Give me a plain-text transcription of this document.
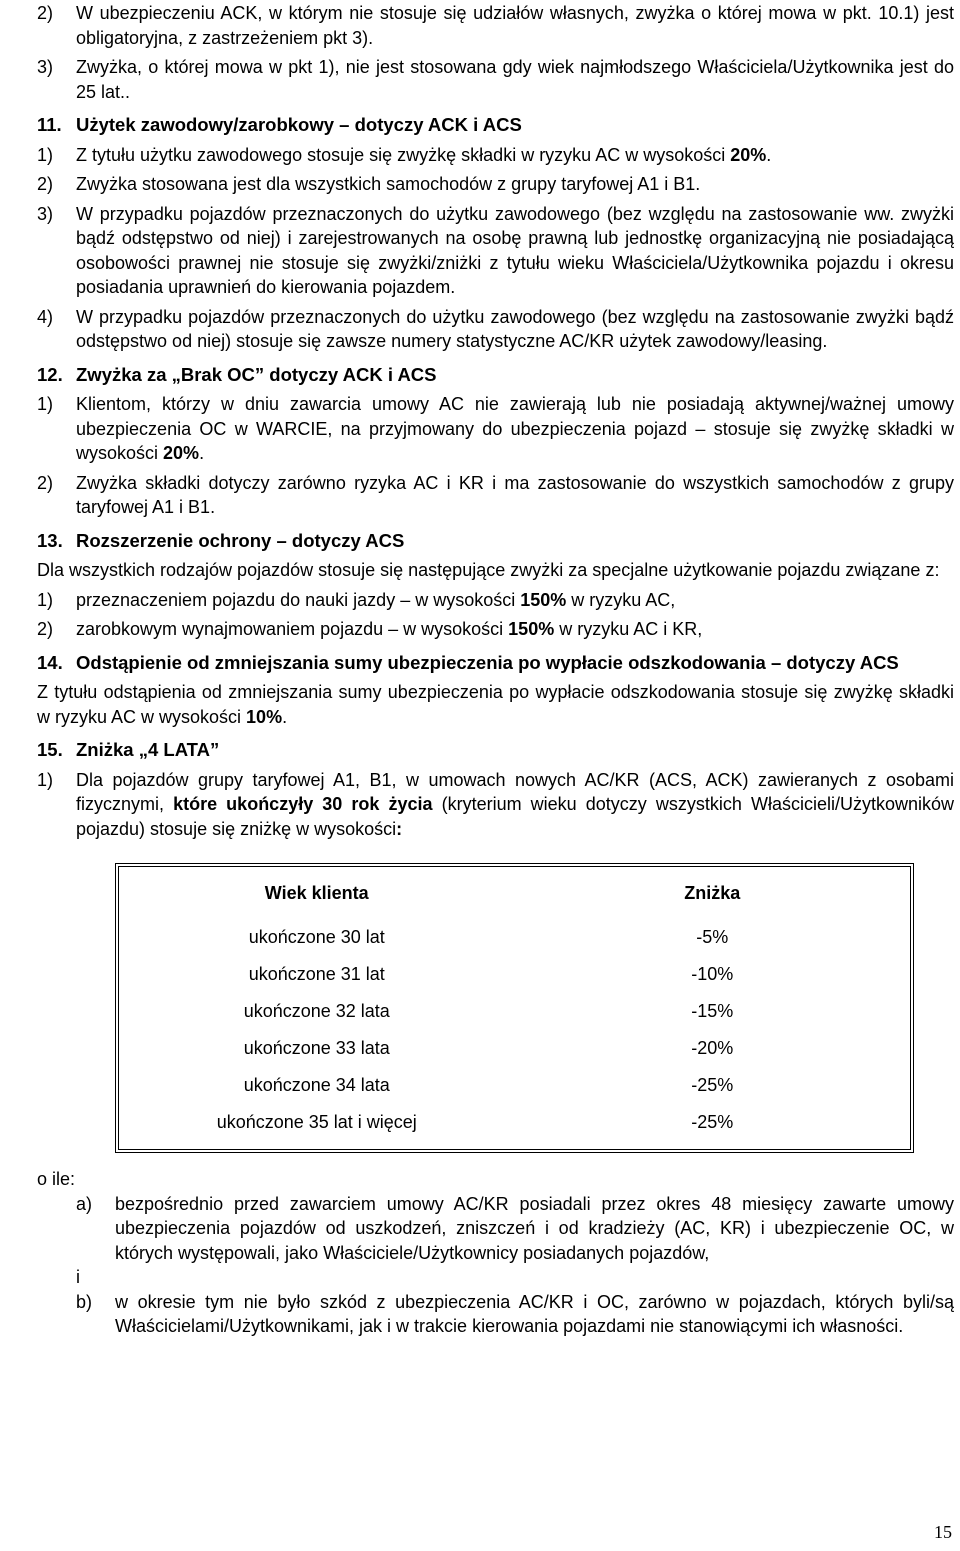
2)	W ubezpieczeniu ACK, w którym nie stosuje się udziałów własnych, zwyżka o której mowa w pkt. 10.1) jest obligatoryjna, z zastrzeżeniem pkt 3).
3)	Zwyżka, o której mowa w pkt 1), nie jest stosowana gdy wiek najmłodszego Właściciela/Użytkownika jest do 25 lat..
11. Użytek zawodowy/zarobkowy – dotyczy ACK i ACS
1)	Z tytułu użytku zawodowego stosuje się zwyżkę składki w ryzyku AC w wysokości 20%.
2)	Zwyżka stosowana jest dla wszystkich samochodów z grupy taryfowej A1 i B1.
3)	W przypadku pojazdów przeznaczonych do użytku zawodowego (bez względu na zastosowanie ww. zwyżki bądź odstępstwo od niej) i zarejestrowanych na osobę prawną lub jednostkę organizacyjną nie posiadającą osobowości prawnej nie stosuje się zwyżki/zniżki z tytułu wieku Właściciela/Użytkownika pojazdu i okresu posiadania uprawnień do kierowania pojazdem.
4)	W przypadku pojazdów przeznaczonych do użytku zawodowego (bez względu na zastosowanie zwyżki bądź odstępstwo od niej) stosuje się zawsze numery statystyczne AC/KR użytek zawodowy/leasing.
12. Zwyżka za „Brak OC” dotyczy ACK i ACS
1)	Klientom, którzy w dniu zawarcia umowy AC nie zawierają lub nie posiadają aktywnej/ważnej umowy ubezpieczenia OC w WARCIE, na przyjmowany do ubezpieczenia pojazd – stosuje się zwyżkę składki w wysokości 20%.
2)	Zwyżka składki dotyczy zarówno ryzyka AC i KR i ma zastosowanie do wszystkich samochodów z grupy taryfowej A1 i B1.
13. Rozszerzenie ochrony – dotyczy ACS

Dla wszystkich rodzajów pojazdów stosuje się następujące zwyżki za specjalne użytkowanie pojazdu związane z:

1)	przeznaczeniem pojazdu do nauki jazdy – w wysokości 150% w ryzyku AC,
2)	zarobkowym wynajmowaniem pojazdu – w wysokości 150% w ryzyku AC i KR,
14. Odstąpienie od zmniejszania sumy ubezpieczenia po wypłacie odszkodowania – dotyczy ACS

Z tytułu odstąpienia od zmniejszania sumy ubezpieczenia po wypłacie odszkodowania stosuje się zwyżkę składki w ryzyku AC w wysokości 10%.

15. Zniżka „4 LATA”
1)	Dla pojazdów grupy taryfowej A1, B1, w umowach nowych AC/KR (ACS, ACK) zawieranych z osobami fizycznymi, które ukończyły 30 rok życia (kryterium wieku dotyczy wszystkich Właścicieli/Użytkowników pojazdu) stosuje się zniżkę w wysokości:
Wiek klienta	Zniżka
ukończone 30 lat	-5%
ukończone 31 lat	-10%
ukończone 32 lata	-15%
ukończone 33 lata	-20%
ukończone 34 lata	-25%
ukończone 35 lat i więcej	-25%

o ile:

a)	bezpośrednio przed zawarciem umowy AC/KR posiadali przez okres 48 miesięcy zawarte umowy ubezpieczenia pojazdów od uszkodzeń, zniszczeń i od kradzieży (AC, KR) i ubezpieczenie OC, w których występowali, jako Właściciele/Użytkownicy posiadanych pojazdów,
i
b)	w okresie tym nie było szkód z ubezpieczenia AC/KR i OC, zarówno w pojazdach, których byli/są Właścicielami/Użytkownikami, jak i w trakcie kierowania pojazdami nie stanowiącymi ich własności.
15
